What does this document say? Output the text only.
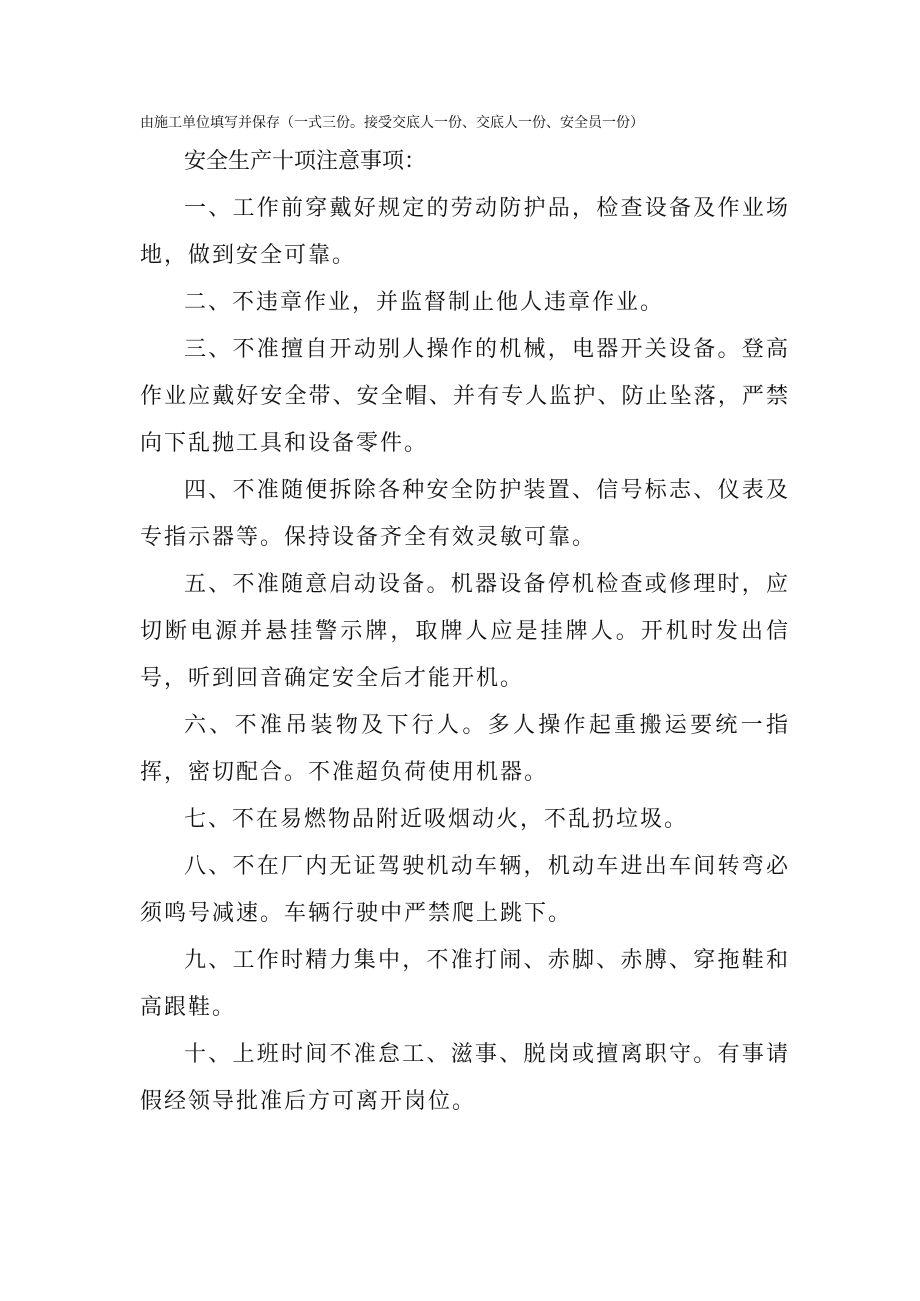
由施工单位填写并保存（一式三份。接受交底人一份、交底人一份、安全员一份）

安全生产十项注意事项：

一、工作前穿戴好规定的劳动防护品，检查设备及作业场地，做到安全可靠。

二、不违章作业，并监督制止他人违章作业。

三、不准擅自开动别人操作的机械，电器开关设备。登高作业应戴好安全带、安全帽、并有专人监护、防止坠落，严禁向下乱抛工具和设备零件。

四、不准随便拆除各种安全防护装置、信号标志、仪表及专指示器等。保持设备齐全有效灵敏可靠。

五、不准随意启动设备。机器设备停机检查或修理时，应切断电源并悬挂警示牌，取牌人应是挂牌人。开机时发出信号，听到回音确定安全后才能开机。

六、不准吊装物及下行人。多人操作起重搬运要统一指挥，密切配合。不准超负荷使用机器。

七、不在易燃物品附近吸烟动火，不乱扔垃圾。

八、不在厂内无证驾驶机动车辆，机动车进出车间转弯必须鸣号减速。车辆行驶中严禁爬上跳下。

九、工作时精力集中，不准打闹、赤脚、赤膊、穿拖鞋和高跟鞋。

十、上班时间不准怠工、滋事、脱岗或擅离职守。有事请假经领导批准后方可离开岗位。
